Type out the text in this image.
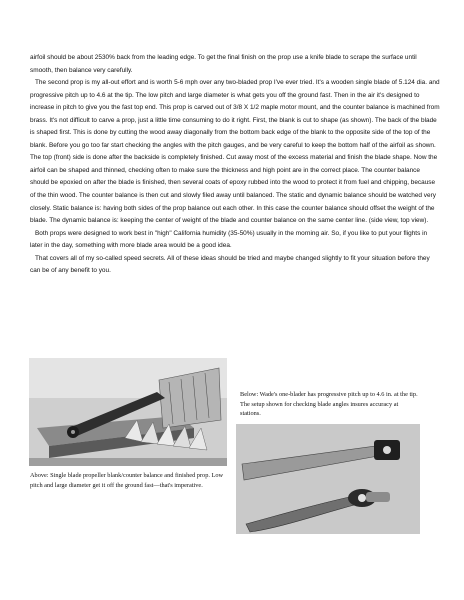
airfoil should be about 2530% back from the leading edge. To get the final finish on the prop use a knife blade to scrape the surface until smooth, then balance very carefully.

The second prop is my all-out effort and is worth 5-6 mph over any two-bladed prop I've ever tried. It's a wooden single blade of 5.124 dia. and progressive pitch up to 4.6 at the tip. The low pitch and large diameter is what gets you off the ground fast. Then in the air it's designed to increase in pitch to give you the fast top end. This prop is carved out of 3/8 X 1/2 maple motor mount, and the counter balance is machined from brass. It's not difficult to carve a prop, just a little time consuming to do it right. First, the blank is cut to shape (as shown). The back of the blade is shaped first. This is done by cutting the wood away diagonally from the bottom back edge of the blank to the opposite side of the top of the blank. Before you go too far start checking the angles with the pitch gauges, and be very careful to keep the bottom half of the airfoil as shown. The top (front) side is done after the backside is completely finished. Cut away most of the excess material and finish the blade shape. Now the airfoil can be shaped and thinned, checking often to make sure the thickness and high point are in the correct place. The counter balance should be epoxied on after the blade is finished, then several coats of epoxy rubbed into the wood to protect it from fuel and chipping, because of the thin wood. The counter balance is then cut and slowly filed away until balanced. The static and dynamic balance should be watched very closely. Static balance is: having both sides of the prop balance out each other. In this case the counter balance should offset the weight of the blade. The dynamic balance is: keeping the center of weight of the blade and counter balance on the same center line. (side view, top view).

Both props were designed to work best in "high" California humidity (35-50%) usually in the morning air. So, if you like to put your flights in later in the day, something with more blade area would be a good idea.

That covers all of my so-called speed secrets. All of these ideas should be tried and maybe changed slightly to fit your situation before they can be of any benefit to you.

Above: Single blade propeller blank/counter balance and finished prop. Low pitch and large diameter get it off the ground fast—that's imperative.
Below: Wade's one-blader has progressive pitch up to 4.6 in. at the tip. The setup shown for checking blade angles insures accuracy at stations.
